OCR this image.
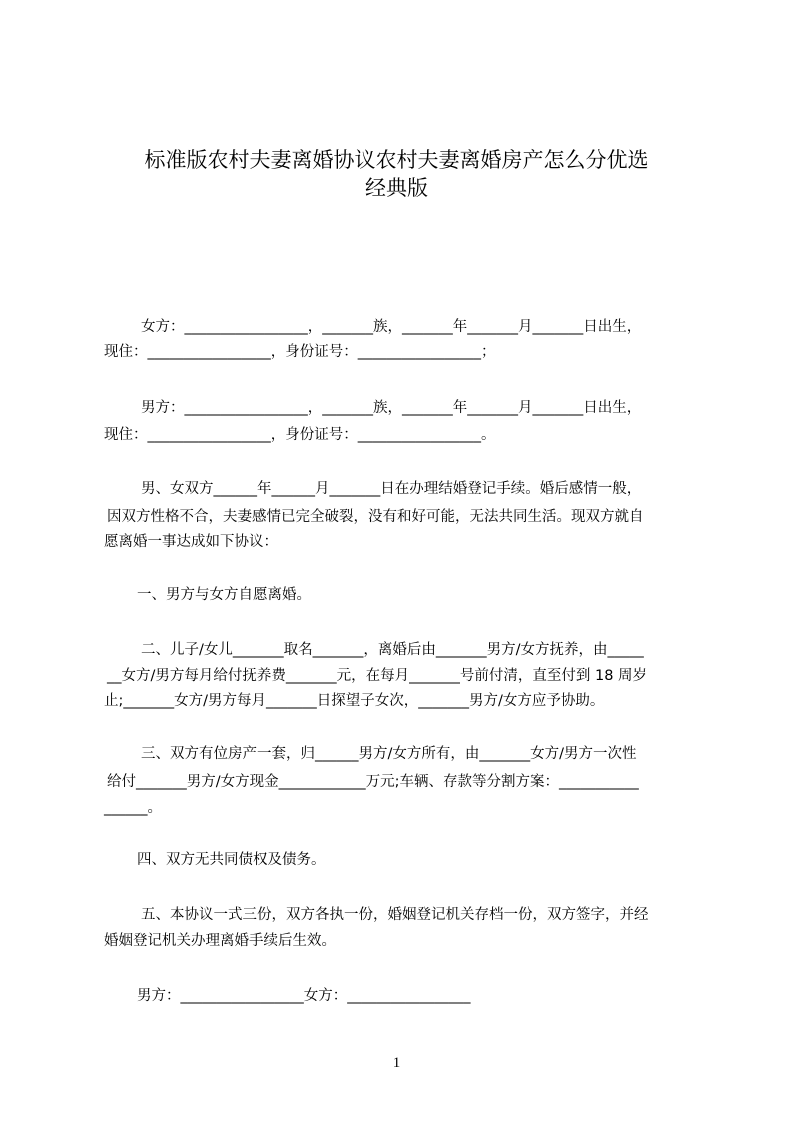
标准版农村夫妻离婚协议农村夫妻离婚房产怎么分优选
经典版
女方：_________________，_______族，_______年_______月_______日出生，
现住：_________________，身份证号：_________________；
男方：_________________，_______族，_______年_______月_______日出生，
现住：_________________，身份证号：_________________。
男、女双方______年______月_______日在办理结婚登记手续。婚后感情一般，
因双方性格不合，夫妻感情已完全破裂，没有和好可能，无法共同生活。现双方就自
愿离婚一事达成如下协议：
一、男方与女方自愿离婚。
二、儿子/女儿_______取名_______，离婚后由_______男方/女方抚养，由_____
__女方/男方每月给付抚养费_______元，在每月_______号前付清，直至付到 18 周岁
止;_______女方/男方每月_______日探望子女次，_______男方/女方应予协助。
三、双方有位房产一套，归______男方/女方所有，由_______女方/男方一次性
给付_______男方/女方现金____________万元;车辆、存款等分割方案：___________
______。
四、双方无共同债权及债务。
五、本协议一式三份，双方各执一份，婚姻登记机关存档一份，双方签字，并经
婚姻登记机关办理离婚手续后生效。
男方：_________________女方：_________________
1
